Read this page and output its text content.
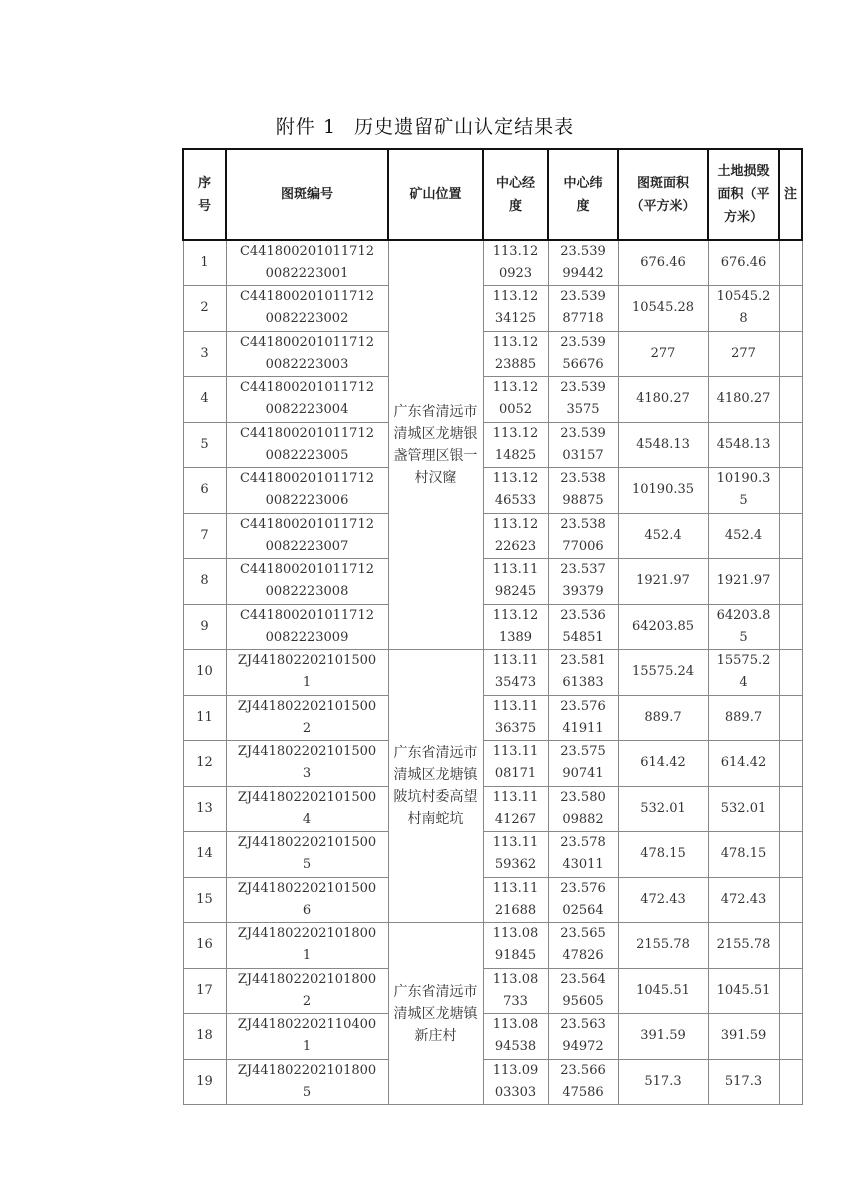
附件 1 历史遗留矿山认定结果表
序号	图斑编号	矿山位置	中心经度	中心纬度	图斑面积（平方米）	土地损毁面积（平方米）	注
1	C4418002010117120082223001	广东省清远市清城区龙塘银盏管理区银一村汉窿	113.120923	23.53999442	676.46	676.46	
2	C4418002010117120082223002		113.1234125	23.53987718	10545.28	10545.28	
3	C4418002010117120082223003		113.1223885	23.53956676	277	277	
4	C4418002010117120082223004		113.120052	23.5393575	4180.27	4180.27	
5	C4418002010117120082223005		113.1214825	23.53903157	4548.13	4548.13	
6	C4418002010117120082223006		113.1246533	23.53898875	10190.35	10190.35	
7	C4418002010117120082223007		113.1222623	23.53877006	452.4	452.4	
8	C4418002010117120082223008		113.1198245	23.53739379	1921.97	1921.97	
9	C4418002010117120082223009		113.121389	23.53654851	64203.85	64203.85	
10	ZJ4418022021015001	广东省清远市清城区龙塘镇陂坑村委高望村南蛇坑	113.1135473	23.58161383	15575.24	15575.24	
11	ZJ4418022021015002		113.1136375	23.57641911	889.7	889.7	
12	ZJ4418022021015003		113.1108171	23.57590741	614.42	614.42	
13	ZJ4418022021015004		113.1141267	23.58009882	532.01	532.01	
14	ZJ4418022021015005		113.1159362	23.57843011	478.15	478.15	
15	ZJ4418022021015006		113.1121688	23.57602564	472.43	472.43	
16	ZJ4418022021018001	广东省清远市清城区龙塘镇新庄村	113.0891845	23.56547826	2155.78	2155.78	
17	ZJ4418022021018002		113.08733	23.56495605	1045.51	1045.51	
18	ZJ4418022021104001		113.0894538	23.56394972	391.59	391.59	
19	ZJ4418022021018005		113.0903303	23.56647586	517.3	517.3	
